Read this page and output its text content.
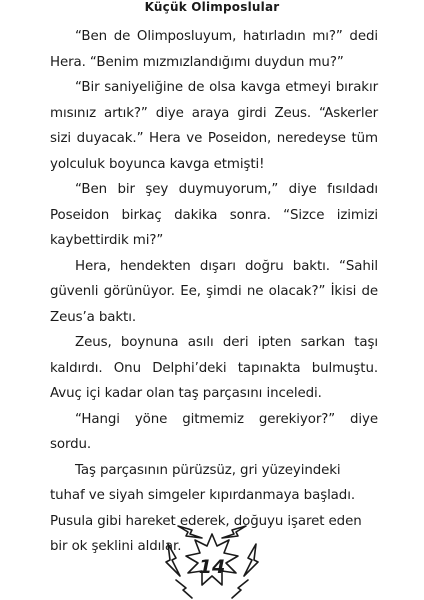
Küçük Olimposlular

“Ben de Olimposluyum, hatırladın mı?” dedi Hera. “Benim mızmızlandığımı duydun mu?”

“Bir saniyeliğine de olsa kavga etmeyi bırakır mısınız artık?” diye araya girdi Zeus. “Askerler sizi duyacak.” Hera ve Poseidon, neredeyse tüm yolculuk boyunca kavga etmişti!

“Ben bir şey duymuyorum,” diye fısıldadı Poseidon birkaç dakika sonra. “Sizce izimizi kaybettirdik mi?”

Hera, hendekten dışarı doğru baktı. “Sahil güvenli görünüyor. Ee, şimdi ne olacak?” İkisi de Zeus’a baktı.

Zeus, boynuna asılı deri ipten sarkan taşı kaldırdı. Onu Delphi’deki tapınakta bulmuştu. Avuç içi kadar olan taş parçasını inceledi.

“Hangi yöne gitmemiz gerekiyor?” diye sordu.

Taş parçasının pürüzsüz, gri yüzeyindeki tuhaf ve siyah simgeler kıpırdanmaya başladı. Pusula gibi hareket ederek, doğuyu işaret eden bir ok şeklini aldılar.

14
